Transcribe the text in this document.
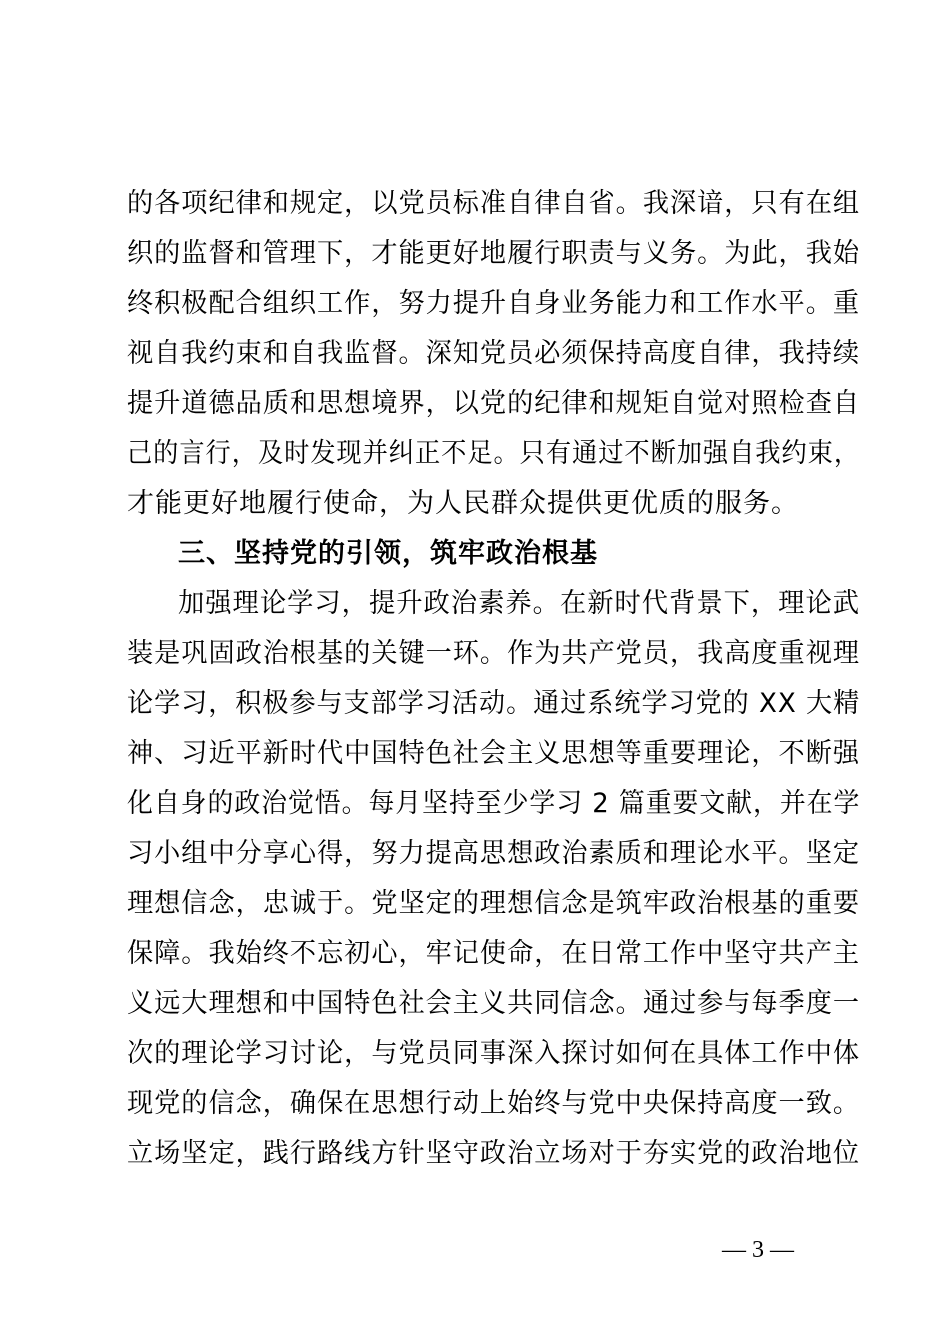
的各项纪律和规定，以党员标准自律自省。我深谙，只有在组
织的监督和管理下，才能更好地履行职责与义务。为此，我始
终积极配合组织工作，努力提升自身业务能力和工作水平。重
视自我约束和自我监督。深知党员必须保持高度自律，我持续
提升道德品质和思想境界，以党的纪律和规矩自觉对照检查自
己的言行，及时发现并纠正不足。只有通过不断加强自我约束，
才能更好地履行使命，为人民群众提供更优质的服务。
三、坚持党的引领，筑牢政治根基
加强理论学习，提升政治素养。在新时代背景下，理论武
装是巩固政治根基的关键一环。作为共产党员，我高度重视理
论学习，积极参与支部学习活动。通过系统学习党的 XX 大精
神、习近平新时代中国特色社会主义思想等重要理论，不断强
化自身的政治觉悟。每月坚持至少学习 2 篇重要文献，并在学
习小组中分享心得，努力提高思想政治素质和理论水平。坚定
理想信念，忠诚于。党坚定的理想信念是筑牢政治根基的重要
保障。我始终不忘初心，牢记使命，在日常工作中坚守共产主
义远大理想和中国特色社会主义共同信念。通过参与每季度一
次的理论学习讨论，与党员同事深入探讨如何在具体工作中体
现党的信念，确保在思想行动上始终与党中央保持高度一致。
立场坚定，践行路线方针坚守政治立场对于夯实党的政治地位
— 3 —
